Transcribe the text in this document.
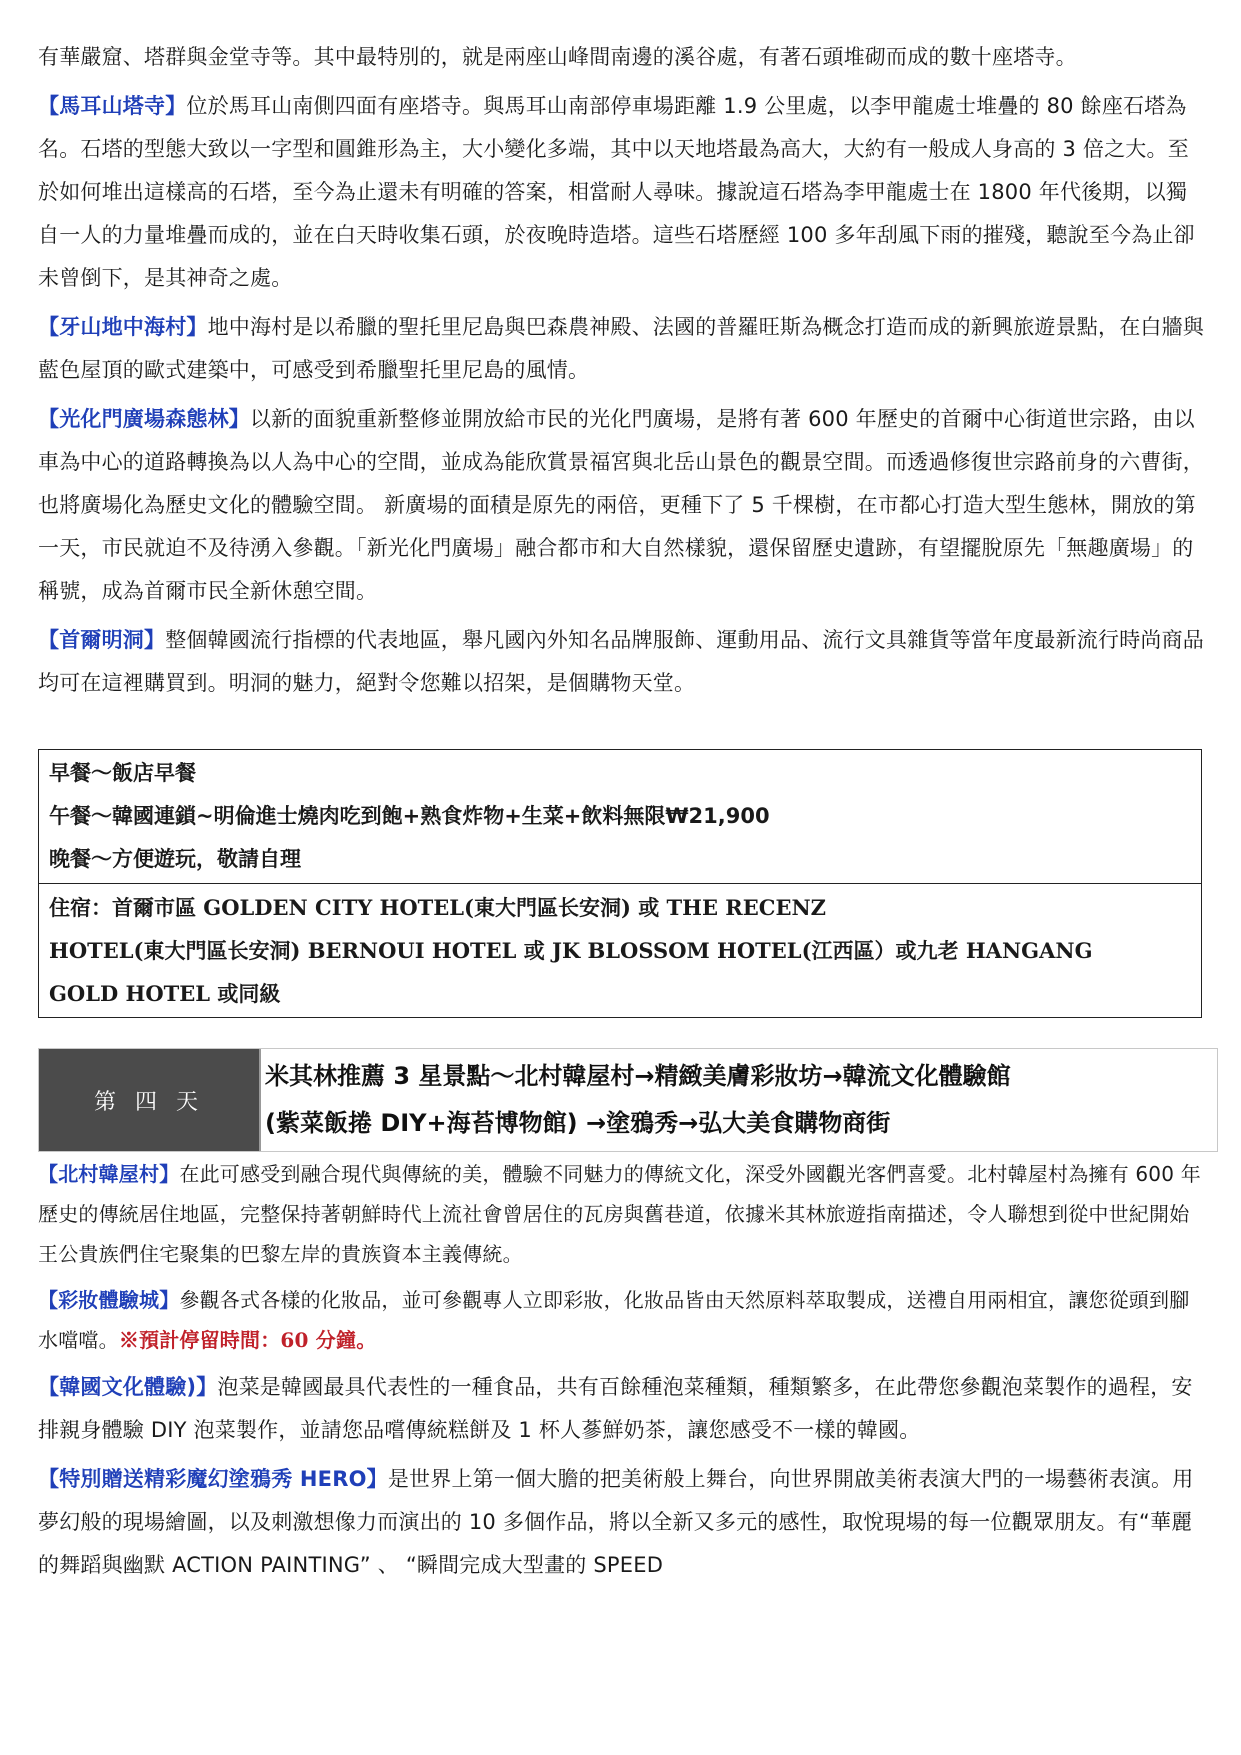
有華嚴窟、塔群與金堂寺等。其中最特別的，就是兩座山峰間南邊的溪谷處，有著石頭堆砌而成的數十座塔寺。

【馬耳山塔寺】位於馬耳山南側四面有座塔寺。與馬耳山南部停車場距離 1.9 公里處，以李甲龍處士堆疊的 80 餘座石塔為名。石塔的型態大致以一字型和圓錐形為主，大小變化多端，其中以天地塔最為高大，大約有一般成人身高的 3 倍之大。至於如何堆出這樣高的石塔，至今為止還未有明確的答案，相當耐人尋味。據說這石塔為李甲龍處士在 1800 年代後期，以獨自一人的力量堆疊而成的，並在白天時收集石頭，於夜晚時造塔。這些石塔歷經 100 多年刮風下雨的摧殘，聽說至今為止卻未曾倒下，是其神奇之處。

【牙山地中海村】地中海村是以希臘的聖托里尼島與巴森農神殿、法國的普羅旺斯為概念打造而成的新興旅遊景點，在白牆與藍色屋頂的歐式建築中，可感受到希臘聖托里尼島的風情。

【光化門廣場森態林】以新的面貌重新整修並開放給市民的光化門廣場，是將有著 600 年歷史的首爾中心街道世宗路，由以車為中心的道路轉換為以人為中心的空間，並成為能欣賞景福宮與北岳山景色的觀景空間。而透過修復世宗路前身的六曹街，也將廣場化為歷史文化的體驗空間。 新廣場的面積是原先的兩倍，更種下了 5 千棵樹，在市都心打造大型生態林，開放的第一天，市民就迫不及待湧入參觀。「新光化門廣場」融合都市和大自然樣貌，還保留歷史遺跡，有望擺脫原先「無趣廣場」的稱號，成為首爾市民全新休憩空間。

【首爾明洞】整個韓國流行指標的代表地區，舉凡國內外知名品牌服飾、運動用品、流行文具雜貨等當年度最新流行時尚商品均可在這裡購買到。明洞的魅力，絕對令您難以招架，是個購物天堂。

早餐～飯店早餐
午餐～韓國連鎖~明倫進士燒肉吃到飽+熟食炸物+生菜+飲料無限₩21,900
晚餐～方便遊玩，敬請自理
住宿：首爾市區 GOLDEN CITY HOTEL(東大門區长安洞) 或 THE RECENZ
HOTEL(東大門區长安洞) BERNOUI HOTEL 或 JK BLOSSOM HOTEL(江西區）或九老 HANGANG
GOLD HOTEL 或同級
第 四 天
米其林推薦 3 星景點～北村韓屋村→精緻美膚彩妝坊→韓流文化體驗館
(紫菜飯捲 DIY+海苔博物館) →塗鴉秀→弘大美食購物商街

【北村韓屋村】在此可感受到融合現代與傳統的美，體驗不同魅力的傳統文化，深受外國觀光客們喜愛。北村韓屋村為擁有 600 年歷史的傳統居住地區，完整保持著朝鮮時代上流社會曾居住的瓦房與舊巷道，依據米其林旅遊指南描述，令人聯想到從中世紀開始王公貴族們住宅聚集的巴黎左岸的貴族資本主義傳統。

【彩妝體驗城】參觀各式各樣的化妝品，並可參觀專人立即彩妝，化妝品皆由天然原料萃取製成，送禮自用兩相宜，讓您從頭到腳水噹噹。※預計停留時間：60 分鐘。

【韓國文化體驗)】泡菜是韓國最具代表性的一種食品，共有百餘種泡菜種類，種類繁多，在此帶您參觀泡菜製作的過程，安排親身體驗 DIY 泡菜製作，並請您品嚐傳統糕餅及 1 杯人蔘鮮奶茶，讓您感受不一樣的韓國。

【特別贈送精彩魔幻塗鴉秀 HERO】是世界上第一個大膽的把美術般上舞台，向世界開啟美術表演大門的一場藝術表演。用夢幻般的現場繪圖，以及刺激想像力而演出的 10 多個作品，將以全新又多元的感性，取悅現場的每一位觀眾朋友。有“華麗的舞蹈與幽默 ACTION PAINTING” 、 “瞬間完成大型畫的 SPEED
